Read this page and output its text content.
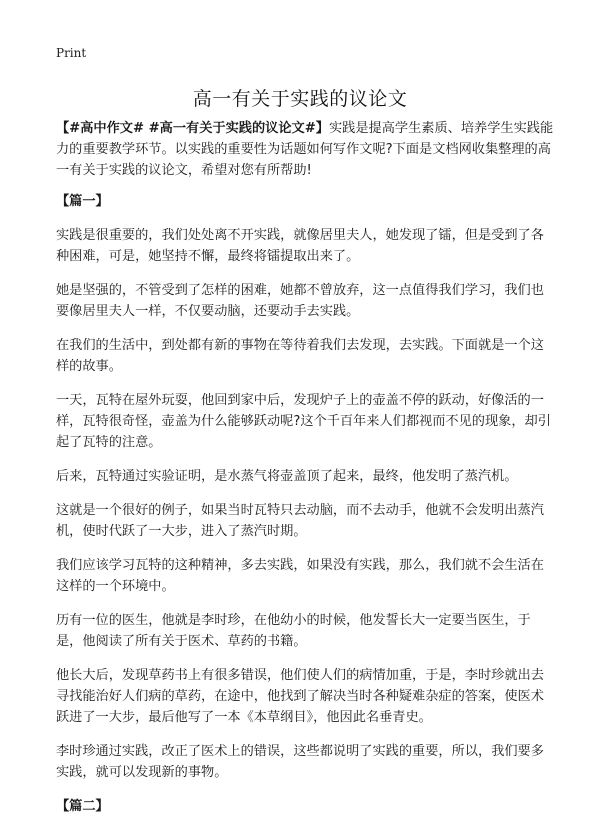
Print
高一有关于实践的议论文

【#高中作文# #高一有关于实践的议论文#】实践是提高学生素质、培养学生实践能力的重要教学环节。以实践的重要性为话题如何写作文呢?下面是文档网收集整理的高一有关于实践的议论文，希望对您有所帮助!

【篇一】

实践是很重要的，我们处处离不开实践，就像居里夫人，她发现了镭，但是受到了各种困难，可是，她坚持不懈，最终将镭提取出来了。

她是坚强的，不管受到了怎样的困难，她都不曾放弃，这一点值得我们学习，我们也要像居里夫人一样，不仅要动脑，还要动手去实践。

在我们的生活中，到处都有新的事物在等待着我们去发现，去实践。下面就是一个这样的故事。

一天，瓦特在屋外玩耍，他回到家中后，发现炉子上的壶盖不停的跃动，好像活的一样，瓦特很奇怪，壶盖为什么能够跃动呢?这个千百年来人们都视而不见的现象，却引起了瓦特的注意。

后来，瓦特通过实验证明，是水蒸气将壶盖顶了起来，最终，他发明了蒸汽机。

这就是一个很好的例子，如果当时瓦特只去动脑，而不去动手，他就不会发明出蒸汽机，使时代跃了一大步，进入了蒸汽时期。

我们应该学习瓦特的这种精神，多去实践，如果没有实践，那么，我们就不会生活在这样的一个环境中。

历有一位的医生，他就是李时珍，在他幼小的时候，他发誓长大一定要当医生，于是，他阅读了所有关于医术、草药的书籍。

他长大后，发现草药书上有很多错误，他们使人们的病情加重，于是，李时珍就出去寻找能治好人们病的草药，在途中，他找到了解决当时各种疑难杂症的答案，使医术跃进了一大步，最后他写了一本《本草纲目》，他因此名垂青史。

李时珍通过实践，改正了医术上的错误，这些都说明了实践的重要，所以，我们要多实践，就可以发现新的事物。

【篇二】
